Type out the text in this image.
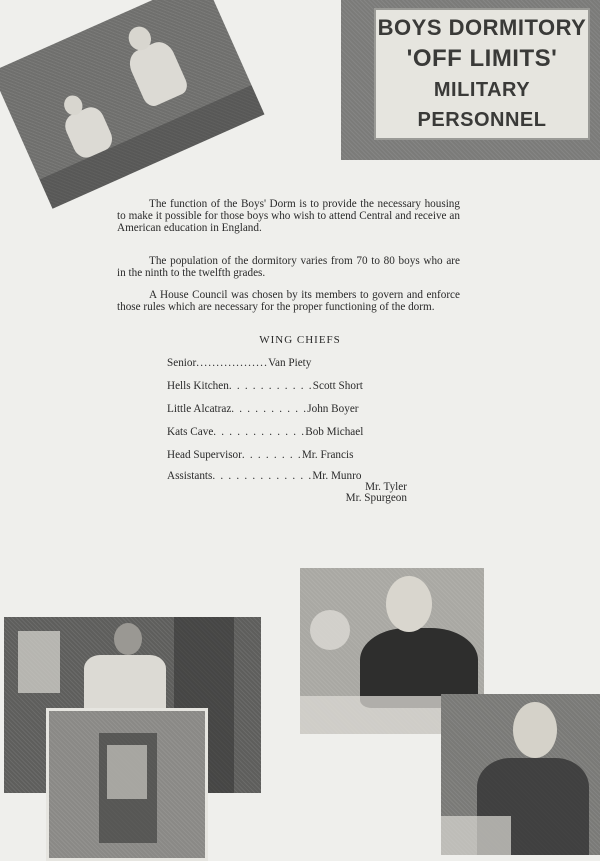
BOYS DORMITORY
'OFF LIMITS'
MILITARY PERSONNEL

The function of the Boys' Dorm is to provide the necessary housing to make it possible for those boys who wish to attend Central and receive an American education in England.

The population of the dormitory varies from 70 to 80 boys who are in the ninth to the twelfth grades.

A House Council was chosen by its members to govern and enforce those rules which are necessary for the proper functioning of the dorm.

WING CHIEFS
Senior..................Van Piety
Hells Kitchen. . . . . . . . . . .Scott Short
Little Alcatraz. . . . . . . . . .John Boyer
Kats Cave. . . . . . . . . . . .Bob Michael
Head Supervisor. . . . . . . .Mr. Francis
Assistants. . . . . . . . . . . . .Mr. Munro
Mr. Tyler
Mr. Spurgeon
